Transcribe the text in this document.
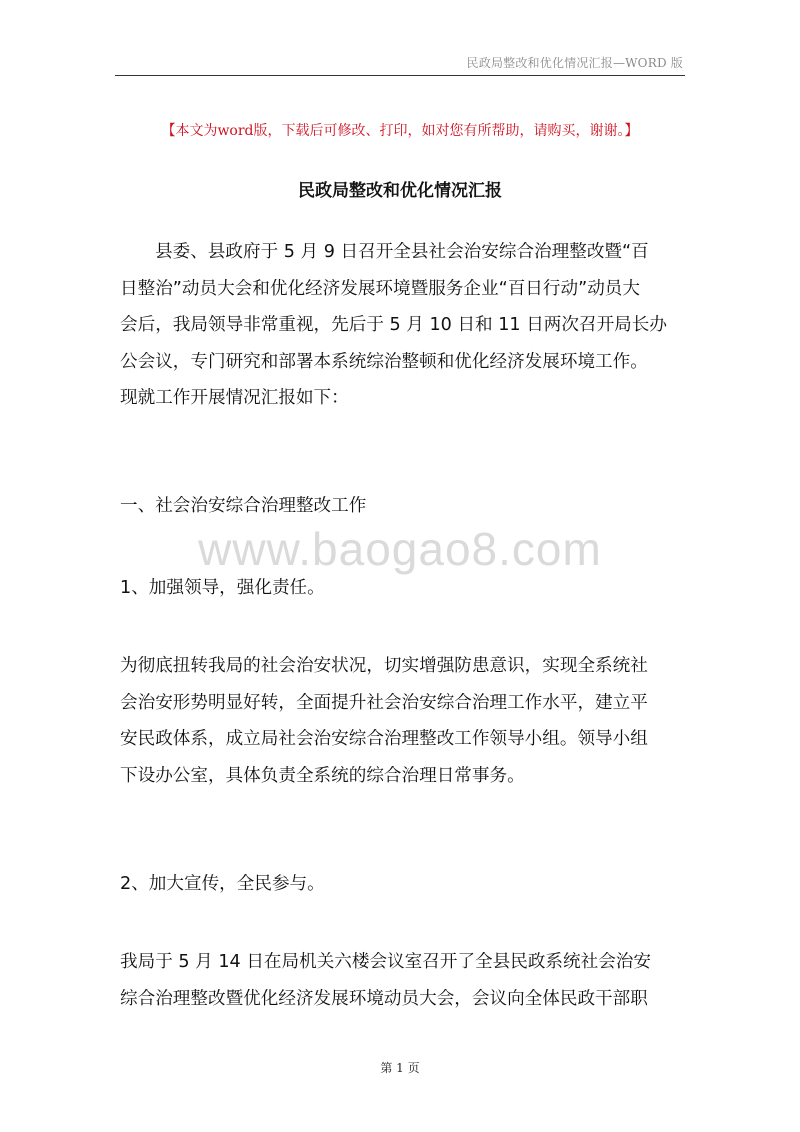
民政局整改和优化情况汇报—WORD 版
【本文为word版，下载后可修改、打印，如对您有所帮助，请购买，谢谢。】
民政局整改和优化情况汇报
县委、县政府于 5 月 9 日召开全县社会治安综合治理整改暨“百
日整治”动员大会和优化经济发展环境暨服务企业“百日行动”动员大
会后，我局领导非常重视，先后于 5 月 10 日和 11 日两次召开局长办
公会议，专门研究和部署本系统综治整顿和优化经济发展环境工作。
现就工作开展情况汇报如下：
一、社会治安综合治理整改工作
www.baogao8.com
1、加强领导，强化责任。
为彻底扭转我局的社会治安状况，切实增强防患意识，实现全系统社
会治安形势明显好转，全面提升社会治安综合治理工作水平，建立平
安民政体系，成立局社会治安综合治理整改工作领导小组。领导小组
下设办公室，具体负责全系统的综合治理日常事务。
2、加大宣传，全民参与。
我局于 5 月 14 日在局机关六楼会议室召开了全县民政系统社会治安
综合治理整改暨优化经济发展环境动员大会，会议向全体民政干部职
第 1 页
